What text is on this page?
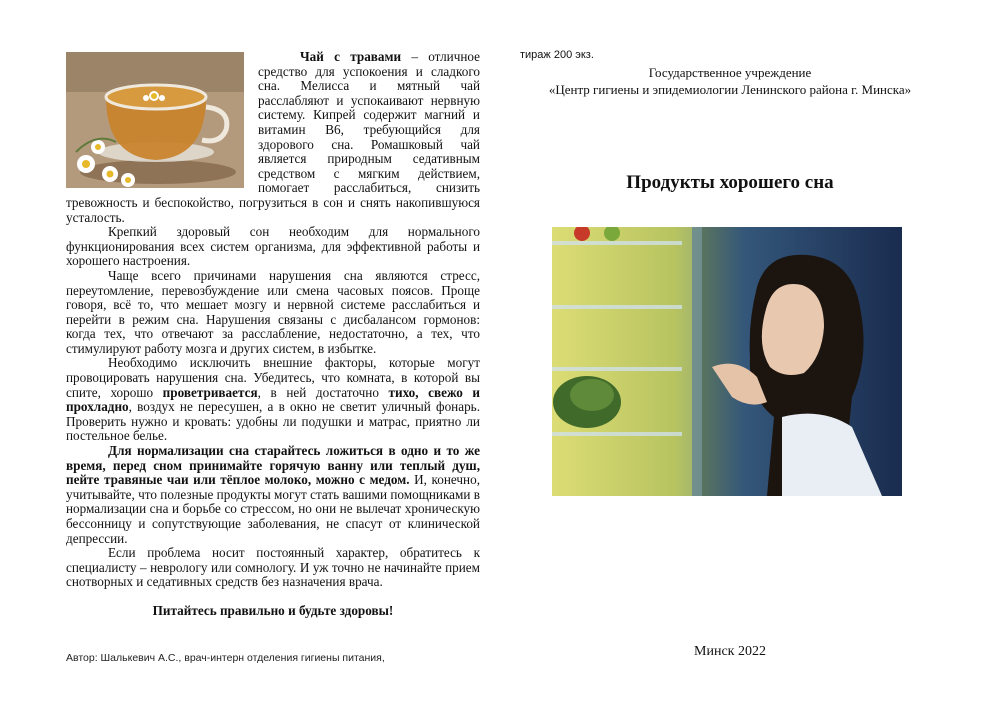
Чай с травами – отличное средство для успокоения и сладкого сна. Мелисса и мятный чай расслабляют и успокаивают нервную систему. Кипрей содержит магний и витамин В6, требующийся для здорового сна. Ромашковый чай является природным седативным средством с мягким действием, помогает расслабиться, снизить тревожность и беспокойство, погрузиться в сон и снять накопившуюся усталость.

Крепкий здоровый сон необходим для нормального функционирования всех систем организма, для эффективной работы и хорошего настроения.

Чаще всего причинами нарушения сна являются стресс, переутомление, перевозбуждение или смена часовых поясов. Проще говоря, всё то, что мешает мозгу и нервной системе расслабиться и перейти в режим сна. Нарушения связаны с дисбалансом гормонов: когда тех, что отвечают за расслабление, недостаточно, а тех, что стимулируют работу мозга и других систем, в избытке.

Необходимо исключить внешние факторы, которые могут провоцировать нарушения сна. Убедитесь, что комната, в которой вы спите, хорошо проветривается, в ней достаточно тихо, свежо и прохладно, воздух не пересушен, а в окно не светит уличный фонарь. Проверить нужно и кровать: удобны ли подушки и матрас, приятно ли постельное белье.

Для нормализации сна старайтесь ложиться в одно и то же время, перед сном принимайте горячую ванну или теплый душ, пейте травяные чаи или тёплое молоко, можно с медом. И, конечно, учитывайте, что полезные продукты могут стать вашими помощниками в нормализации сна и борьбе со стрессом, но они не вылечат хроническую бессонницу и сопутствующие заболевания, не спасут от клинической депрессии.

Если проблема носит постоянный характер, обратитесь к специалисту – неврологу или сомнологу. И уж точно не начинайте прием снотворных и седативных средств без назначения врача.

Питайтесь правильно и будьте здоровы!

Автор: Шалькевич А.С., врач-интерн отделения гигиены питания,
тираж 200 экз.
Государственное учреждение
«Центр гигиены и эпидемиологии Ленинского района г. Минска»
Продукты хорошего сна
Минск 2022
